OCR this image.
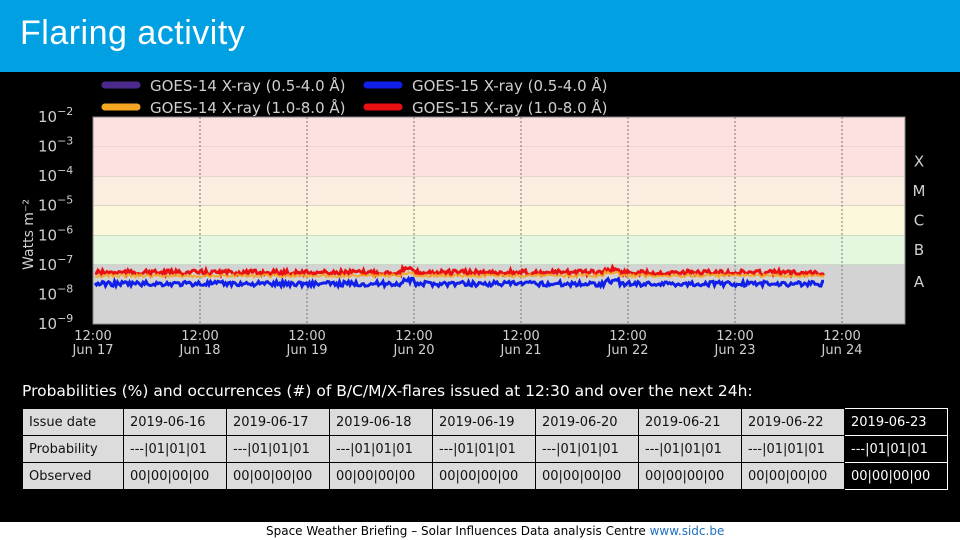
Flaring activity
X
M
C
B
A
$10^{-2}$
$10^{-3}$
$10^{-4}$
$10^{-5}$
$10^{-6}$
$10^{-7}$
$10^{-8}$
$10^{-9}$
Watts m⁻²
12:00
Jun 17
12:00
Jun 18
12:00
Jun 19
12:00
Jun 20
12:00
Jun 21
12:00
Jun 22
12:00
Jun 23
12:00
Jun 24
GOES-14 X-ray (0.5-4.0 Å)
GOES-14 X-ray (1.0-8.0 Å)
GOES-15 X-ray (0.5-4.0 Å)
GOES-15 X-ray (1.0-8.0 Å)
Probabilities (%) and occurrences (#) of B/C/M/X-flares issued at 12:30 and over the next 24h:
Issue date	2019-06-16	2019-06-17	2019-06-18	2019-06-19	2019-06-20	2019-06-21	2019-06-22	2019-06-23
Probability	---|01|01|01	---|01|01|01	---|01|01|01	---|01|01|01	---|01|01|01	---|01|01|01	---|01|01|01	---|01|01|01
Observed	00|00|00|00	00|00|00|00	00|00|00|00	00|00|00|00	00|00|00|00	00|00|00|00	00|00|00|00	00|00|00|00
Space Weather Briefing – Solar Influences Data analysis Centre www.sidc.be
